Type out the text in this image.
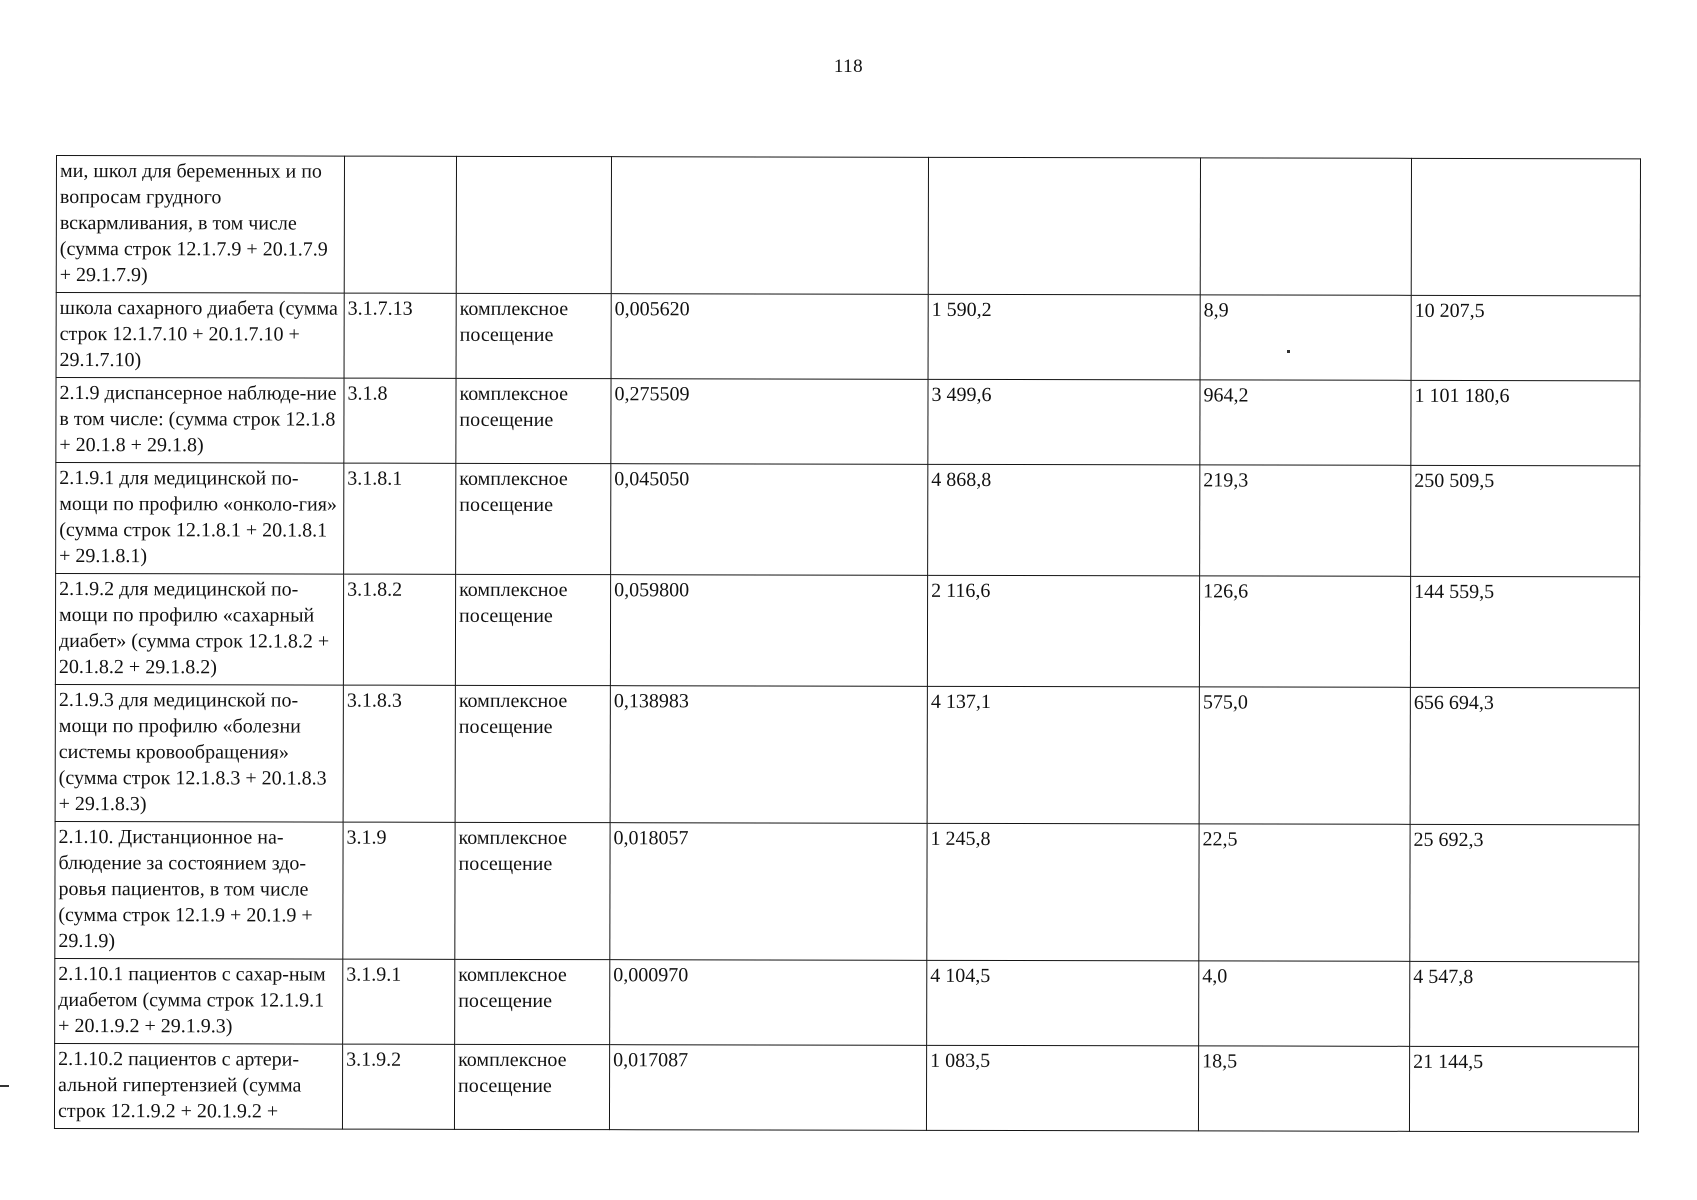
118
ми, школ для беременных и по вопросам грудного вскармливания, в том числе (сумма строк 12.1.7.9 + 20.1.7.9 + 29.1.7.9)						
школа сахарного диабета (сумма строк 12.1.7.10 + 20.1.7.10 + 29.1.7.10)	3.1.7.13	комплексное посещение	0,005620	1 590,2	8,9	10 207,5
2.1.9 диспансерное наблюде-ние в том числе: (сумма строк 12.1.8 + 20.1.8 + 29.1.8)	3.1.8	комплексное посещение	0,275509	3 499,6	964,2	1 101 180,6
2.1.9.1 для медицинской по-мощи по профилю «онколо-гия» (сумма строк 12.1.8.1 + 20.1.8.1 + 29.1.8.1)	3.1.8.1	комплексное посещение	0,045050	4 868,8	219,3	250 509,5
2.1.9.2 для медицинской по-мощи по профилю «сахарный диабет» (сумма строк 12.1.8.2 + 20.1.8.2 + 29.1.8.2)	3.1.8.2	комплексное посещение	0,059800	2 116,6	126,6	144 559,5
2.1.9.3 для медицинской по-мощи по профилю «болезни системы кровообращения» (сумма строк 12.1.8.3 + 20.1.8.3 + 29.1.8.3)	3.1.8.3	комплексное посещение	0,138983	4 137,1	575,0	656 694,3
2.1.10. Дистанционное на-блюдение за состоянием здо-ровья пациентов, в том числе (сумма строк 12.1.9 + 20.1.9 + 29.1.9)	3.1.9	комплексное посещение	0,018057	1 245,8	22,5	25 692,3
2.1.10.1 пациентов с сахар-ным диабетом (сумма строк 12.1.9.1 + 20.1.9.2 + 29.1.9.3)	3.1.9.1	комплексное посещение	0,000970	4 104,5	4,0	4 547,8
2.1.10.2 пациентов с артери-альной гипертензией (сумма строк 12.1.9.2 + 20.1.9.2 +	3.1.9.2	комплексное посещение	0,017087	1 083,5	18,5	21 144,5
